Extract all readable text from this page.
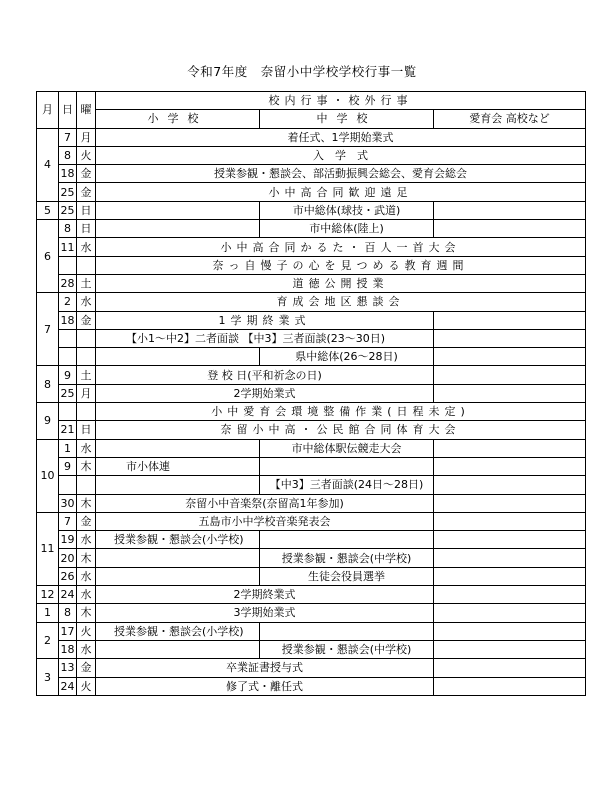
令和7年度　奈留小中学校学校行事一覧
月	日	曜	校内行事・校外行事		
			小学校	中学校	愛育会 高校など
4	7	月	着任式、1学期始業式		
	8	火	入　学　式		
	18	金	授業参観・懇談会、部活動振興会総会、愛育会総会		
	25	金	小中高合同歓迎遠足		
5	25	日		市中総体(球技・武道)	
6	8	日		市中総体(陸上)	
	11	水	小中高合同かるた・百人一首大会		
			奈っ自慢子の心を見つめる教育週間		
	28	土	道徳公開授業		
7	2	水	育成会地区懇談会		
	18	金	1学期終業式		
			【小1～中2】二者面談 【中3】三者面談(23～30日)		
				県中総体(26～28日)	
8	9	土	登 校 日(平和祈念の日)		
	25	月	2学期始業式		
9			小中愛育会環境整備作業(日程未定)		
	21	日	奈留小中高・公民館合同体育大会		
10	1	水		市中総体駅伝競走大会	
	9	木	市小体連		
				【中3】三者面談(24日～28日)	
	30	木	奈留小中音楽祭(奈留高1年参加)		
11	7	金	五島市小中学校音楽発表会		
	19	水	授業参観・懇談会(小学校)		
	20	木		授業参観・懇談会(中学校)	
	26	水		生徒会役員選挙	
12	24	水	2学期終業式		
1	8	木	3学期始業式		
2	17	火	授業参観・懇談会(小学校)		
	18	水		授業参観・懇談会(中学校)	
3	13	金	卒業証書授与式		
	24	火	修了式・離任式		
